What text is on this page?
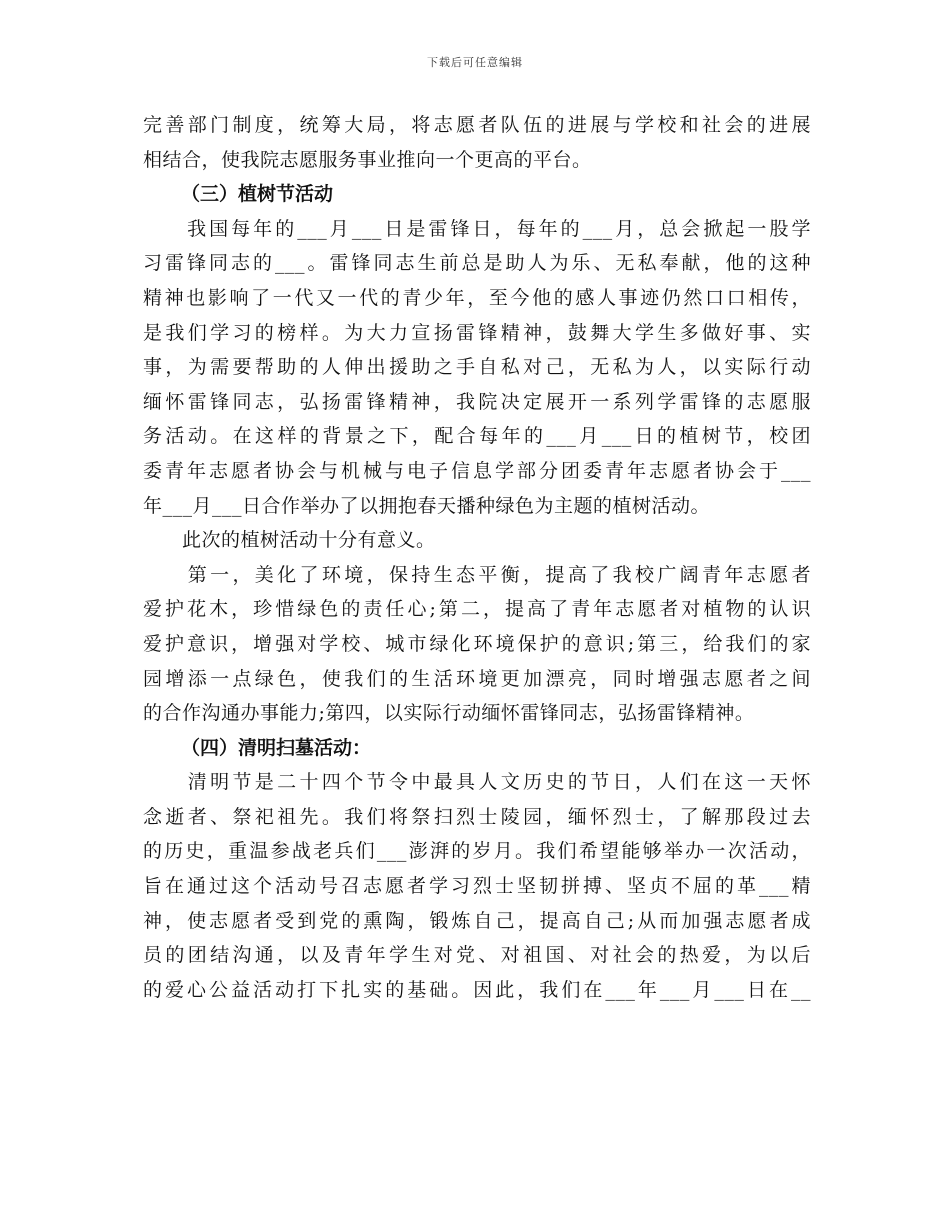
下载后可任意编辑
完善部门制度，统筹大局，将志愿者队伍的进展与学校和社会的进展
相结合，使我院志愿服务事业推向一个更高的平台。
（三）植树节活动
　　我国每年的___月___日是雷锋日，每年的___月，总会掀起一股学
习雷锋同志的___。雷锋同志生前总是助人为乐、无私奉献，他的这种
精神也影响了一代又一代的青少年，至今他的感人事迹仍然口口相传，
是我们学习的榜样。为大力宣扬雷锋精神，鼓舞大学生多做好事、实
事，为需要帮助的人伸出援助之手自私对己，无私为人，以实际行动
缅怀雷锋同志，弘扬雷锋精神，我院决定展开一系列学雷锋的志愿服
务活动。在这样的背景之下，配合每年的___月___日的植树节，校团
委青年志愿者协会与机械与电子信息学部分团委青年志愿者协会于___
年___月___日合作举办了以拥抱春天播种绿色为主题的植树活动。
　　此次的植树活动十分有意义。
　　第一，美化了环境，保持生态平衡，提高了我校广阔青年志愿者
爱护花木，珍惜绿色的责任心;第二，提高了青年志愿者对植物的认识
爱护意识，增强对学校、城市绿化环境保护的意识;第三，给我们的家
园增添一点绿色，使我们的生活环境更加漂亮，同时增强志愿者之间
的合作沟通办事能力;第四，以实际行动缅怀雷锋同志，弘扬雷锋精神。
（四）清明扫墓活动：
　　清明节是二十四个节令中最具人文历史的节日，人们在这一天怀
念逝者、祭祀祖先。我们将祭扫烈士陵园，缅怀烈士，了解那段过去
的历史，重温参战老兵们___澎湃的岁月。我们希望能够举办一次活动，
旨在通过这个活动号召志愿者学习烈士坚韧拼搏、坚贞不屈的革___精
神，使志愿者受到党的熏陶，锻炼自己，提高自己;从而加强志愿者成
员的团结沟通，以及青年学生对党、对祖国、对社会的热爱，为以后
的爱心公益活动打下扎实的基础。因此，我们在___年___月___日在__
